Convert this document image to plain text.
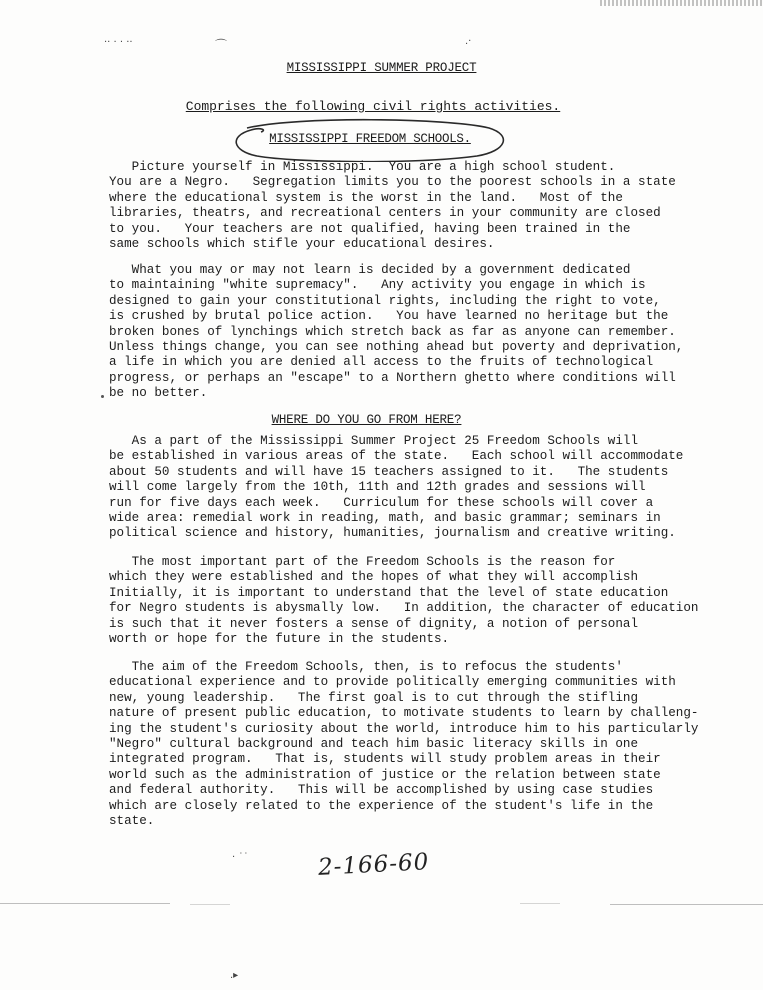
.. . . ..	⌒	.·
MISSISSIPPI SUMMER PROJECT
Comprises the following civil rights activities.
MISSISSIPPI FREEDOM SCHOOLS.
Picture yourself in Mississippi.  You are a high school student.
You are a Negro.   Segregation limits you to the poorest schools in a state
where the educational system is the worst in the land.   Most of the
libraries, theatrs, and recreational centers in your community are closed
to you.   Your teachers are not qualified, having been trained in the
same schools which stifle your educational desires.
What you may or may not learn is decided by a government dedicated
to maintaining "white supremacy".   Any activity you engage in which is
designed to gain your constitutional rights, including the right to vote,
is crushed by brutal police action.   You have learned no heritage but the
broken bones of lynchings which stretch back as far as anyone can remember.
Unless things change, you can see nothing ahead but poverty and deprivation,
a life in which you are denied all access to the fruits of technological
progress, or perhaps an "escape" to a Northern ghetto where conditions will
be no better.
WHERE DO YOU GO FROM HERE?
As a part of the Mississippi Summer Project 25 Freedom Schools will
be established in various areas of the state.   Each school will accommodate
about 50 students and will have 15 teachers assigned to it.   The students
will come largely from the 10th, 11th and 12th grades and sessions will
run for five days each week.   Curriculum for these schools will cover a
wide area: remedial work in reading, math, and basic grammar; seminars in
political science and history, humanities, journalism and creative writing.
The most important part of the Freedom Schools is the reason for
which they were established and the hopes of what they will accomplish
Initially, it is important to understand that the level of state education
for Negro students is abysmally low.   In addition, the character of education
is such that it never fosters a sense of dignity, a notion of personal
worth or hope for the future in the students.
The aim of the Freedom Schools, then, is to refocus the students'
educational experience and to provide politically emerging communities with
new, young leadership.   The first goal is to cut through the stifling
nature of present public education, to motivate students to learn by challeng-
ing the student's curiosity about the world, introduce him to his particularly
"Negro" cultural background and teach him basic literacy skills in one
integrated program.   That is, students will study problem areas in their
world such as the administration of justice or the relation between state
and federal authority.   This will be accomplished by using case studies
which are closely related to the experience of the student's life in the
state.
· ˙˙	2-166-60
.▸
